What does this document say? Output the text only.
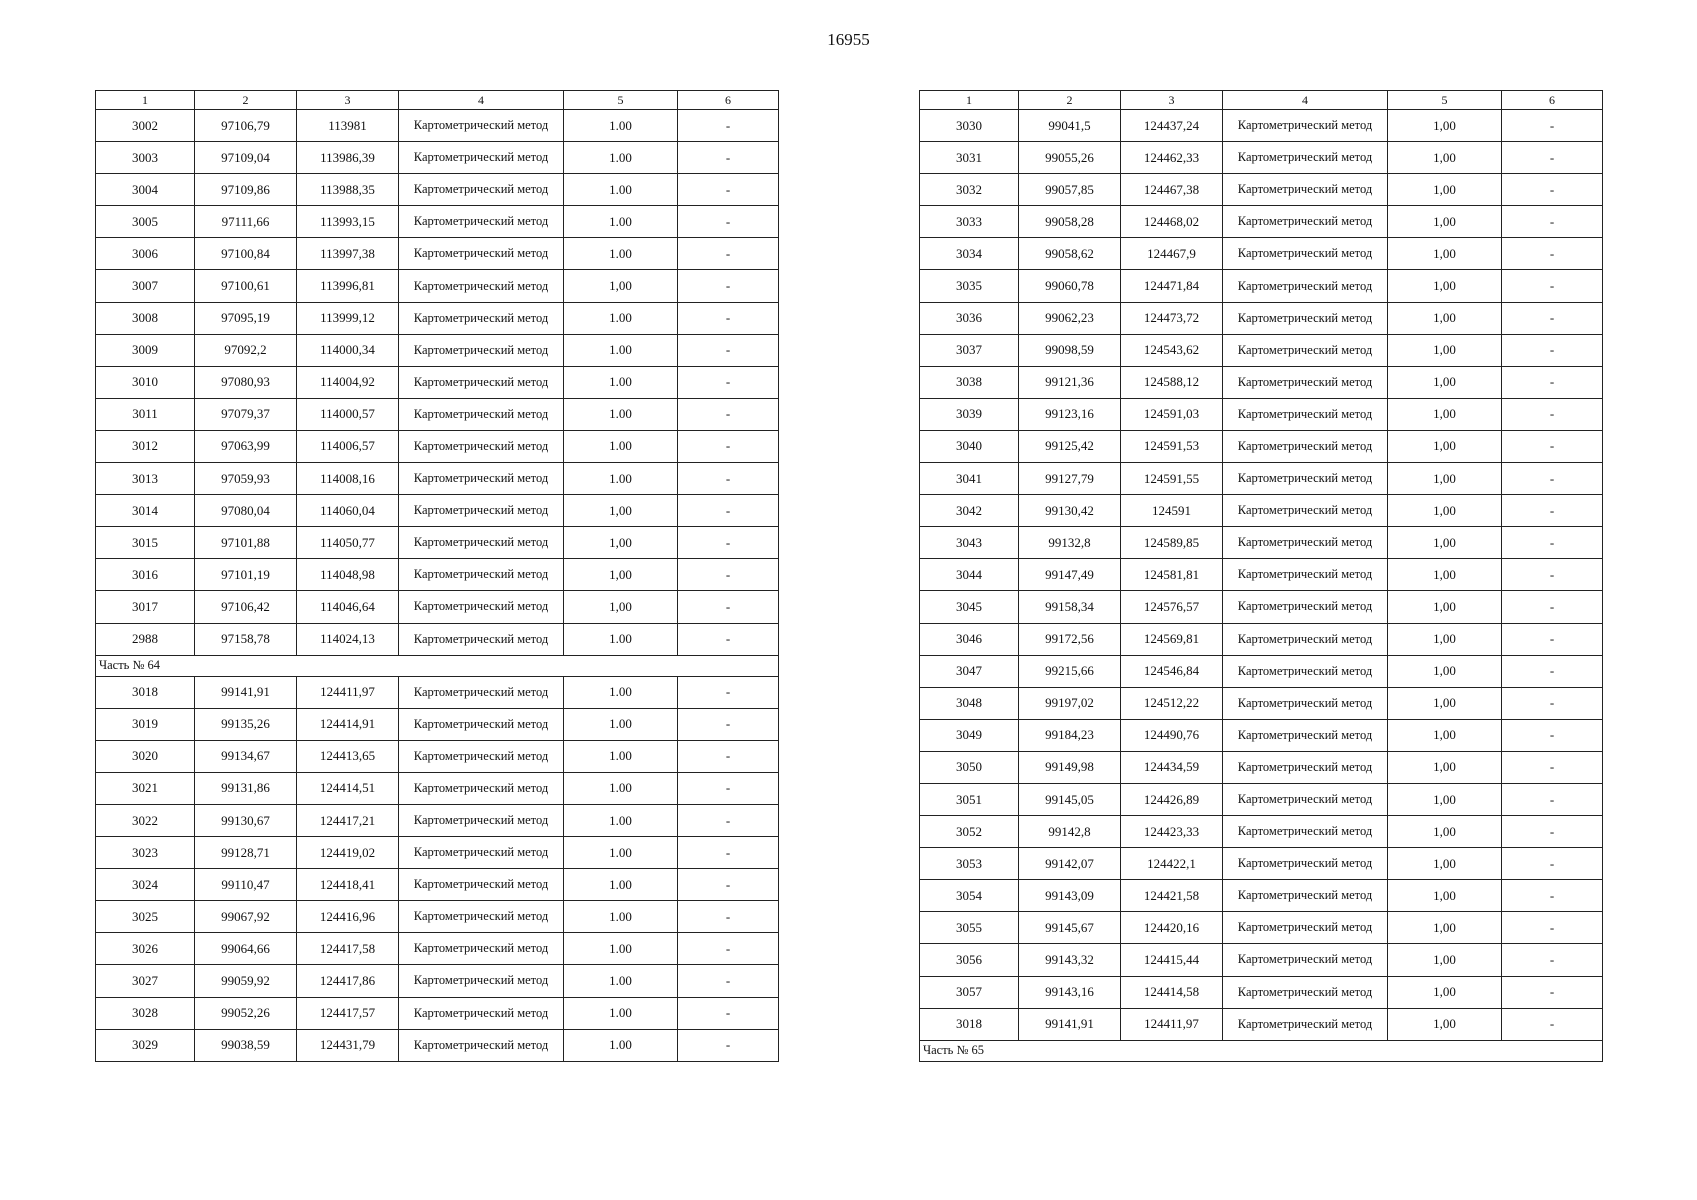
16955
1	2	3	4	5	6
3002	97106,79	113981	Картометрический метод	1.00	-
3003	97109,04	113986,39	Картометрический метод	1.00	-
3004	97109,86	113988,35	Картометрический метод	1.00	-
3005	97111,66	113993,15	Картометрический метод	1.00	-
3006	97100,84	113997,38	Картометрический метод	1.00	-
3007	97100,61	113996,81	Картометрический метод	1,00	-
3008	97095,19	113999,12	Картометрический метод	1.00	-
3009	97092,2	114000,34	Картометрический метод	1.00	-
3010	97080,93	114004,92	Картометрический метод	1.00	-
3011	97079,37	114000,57	Картометрический метод	1.00	-
3012	97063,99	114006,57	Картометрический метод	1.00	-
3013	97059,93	114008,16	Картометрический метод	1.00	-
3014	97080,04	114060,04	Картометрический метод	1,00	-
3015	97101,88	114050,77	Картометрический метод	1,00	-
3016	97101,19	114048,98	Картометрический метод	1,00	-
3017	97106,42	114046,64	Картометрический метод	1,00	-
2988	97158,78	114024,13	Картометрический метод	1.00	-
Часть № 64					
3018	99141,91	124411,97	Картометрический метод	1.00	-
3019	99135,26	124414,91	Картометрический метод	1.00	-
3020	99134,67	124413,65	Картометрический метод	1.00	-
3021	99131,86	124414,51	Картометрический метод	1.00	-
3022	99130,67	124417,21	Картометрический метод	1.00	-
3023	99128,71	124419,02	Картометрический метод	1.00	-
3024	99110,47	124418,41	Картометрический метод	1.00	-
3025	99067,92	124416,96	Картометрический метод	1.00	-
3026	99064,66	124417,58	Картометрический метод	1.00	-
3027	99059,92	124417,86	Картометрический метод	1.00	-
3028	99052,26	124417,57	Картометрический метод	1.00	-
3029	99038,59	124431,79	Картометрический метод	1.00	-
1	2	3	4	5	6
3030	99041,5	124437,24	Картометрический метод	1,00	-
3031	99055,26	124462,33	Картометрический метод	1,00	-
3032	99057,85	124467,38	Картометрический метод	1,00	-
3033	99058,28	124468,02	Картометрический метод	1,00	-
3034	99058,62	124467,9	Картометрический метод	1,00	-
3035	99060,78	124471,84	Картометрический метод	1,00	-
3036	99062,23	124473,72	Картометрический метод	1,00	-
3037	99098,59	124543,62	Картометрический метод	1,00	-
3038	99121,36	124588,12	Картометрический метод	1,00	-
3039	99123,16	124591,03	Картометрический метод	1,00	-
3040	99125,42	124591,53	Картометрический метод	1,00	-
3041	99127,79	124591,55	Картометрический метод	1,00	-
3042	99130,42	124591	Картометрический метод	1,00	-
3043	99132,8	124589,85	Картометрический метод	1,00	-
3044	99147,49	124581,81	Картометрический метод	1,00	-
3045	99158,34	124576,57	Картометрический метод	1,00	-
3046	99172,56	124569,81	Картометрический метод	1,00	-
3047	99215,66	124546,84	Картометрический метод	1,00	-
3048	99197,02	124512,22	Картометрический метод	1,00	-
3049	99184,23	124490,76	Картометрический метод	1,00	-
3050	99149,98	124434,59	Картометрический метод	1,00	-
3051	99145,05	124426,89	Картометрический метод	1,00	-
3052	99142,8	124423,33	Картометрический метод	1,00	-
3053	99142,07	124422,1	Картометрический метод	1,00	-
3054	99143,09	124421,58	Картометрический метод	1,00	-
3055	99145,67	124420,16	Картометрический метод	1,00	-
3056	99143,32	124415,44	Картометрический метод	1,00	-
3057	99143,16	124414,58	Картометрический метод	1,00	-
3018	99141,91	124411,97	Картометрический метод	1,00	-
Часть № 65					
